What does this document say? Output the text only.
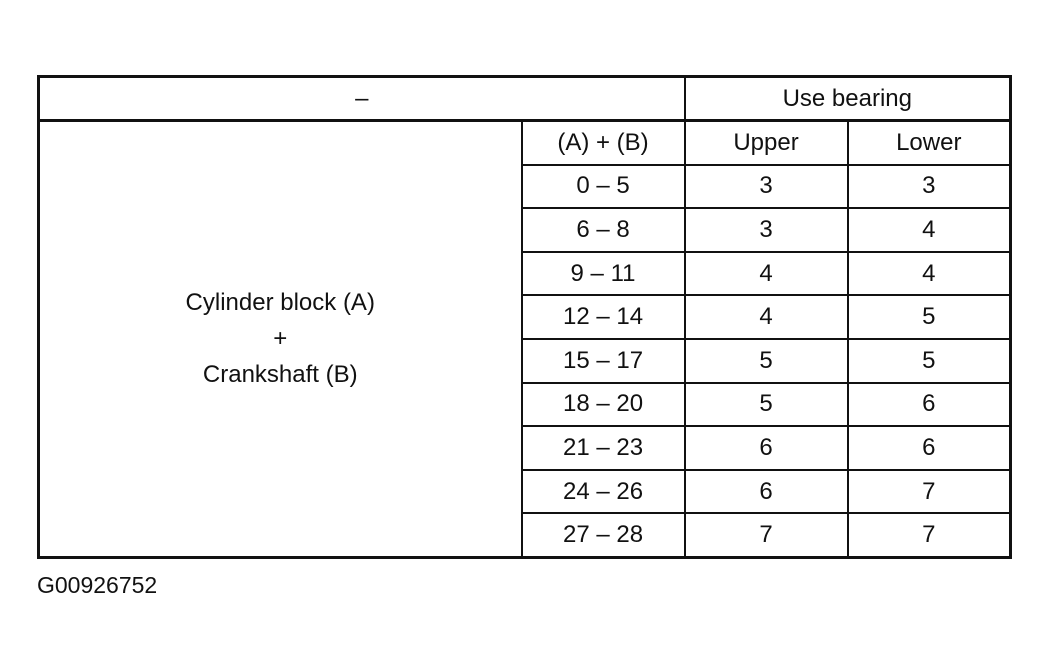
–		Use bearing	

Cylinder block (A)
+
Crankshaft (B)	(A) + (B)	Upper	Lower
	0 – 5	3	3
	6 – 8	3	4
	9 – 11	4	4
	12 – 14	4	5
	15 – 17	5	5
	18 – 20	5	6
	21 – 23	6	6
	24 – 26	6	7
	27 – 28	7	7
G00926752
